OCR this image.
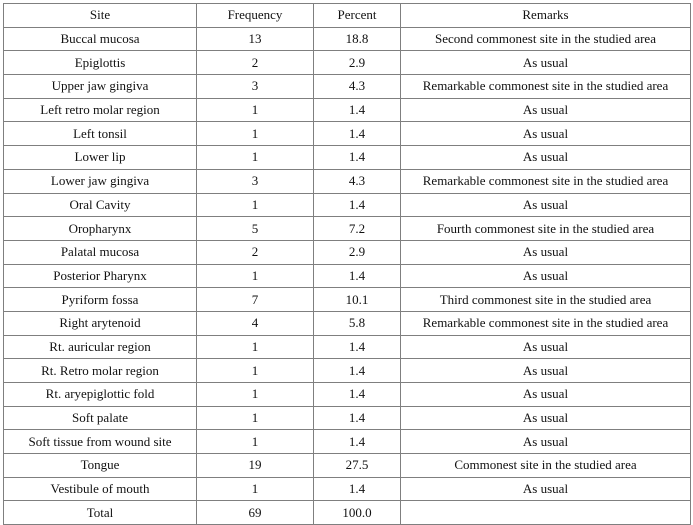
Site	Frequency	Percent	Remarks
Buccal mucosa	13	18.8	Second commonest site in the studied area
Epiglottis	2	2.9	As usual
Upper jaw gingiva	3	4.3	Remarkable commonest site in the studied area
Left retro molar region	1	1.4	As usual
Left tonsil	1	1.4	As usual
Lower lip	1	1.4	As usual
Lower jaw gingiva	3	4.3	Remarkable commonest site in the studied area
Oral Cavity	1	1.4	As usual
Oropharynx	5	7.2	Fourth commonest site in the studied area
Palatal mucosa	2	2.9	As usual
Posterior Pharynx	1	1.4	As usual
Pyriform fossa	7	10.1	Third commonest site in the studied area
Right arytenoid	4	5.8	Remarkable commonest site in the studied area
Rt. auricular region	1	1.4	As usual
Rt. Retro molar region	1	1.4	As usual
Rt. aryepiglottic fold	1	1.4	As usual
Soft palate	1	1.4	As usual
Soft tissue from wound site	1	1.4	As usual
Tongue	19	27.5	Commonest site in the studied area
Vestibule of mouth	1	1.4	As usual
Total	69	100.0	
